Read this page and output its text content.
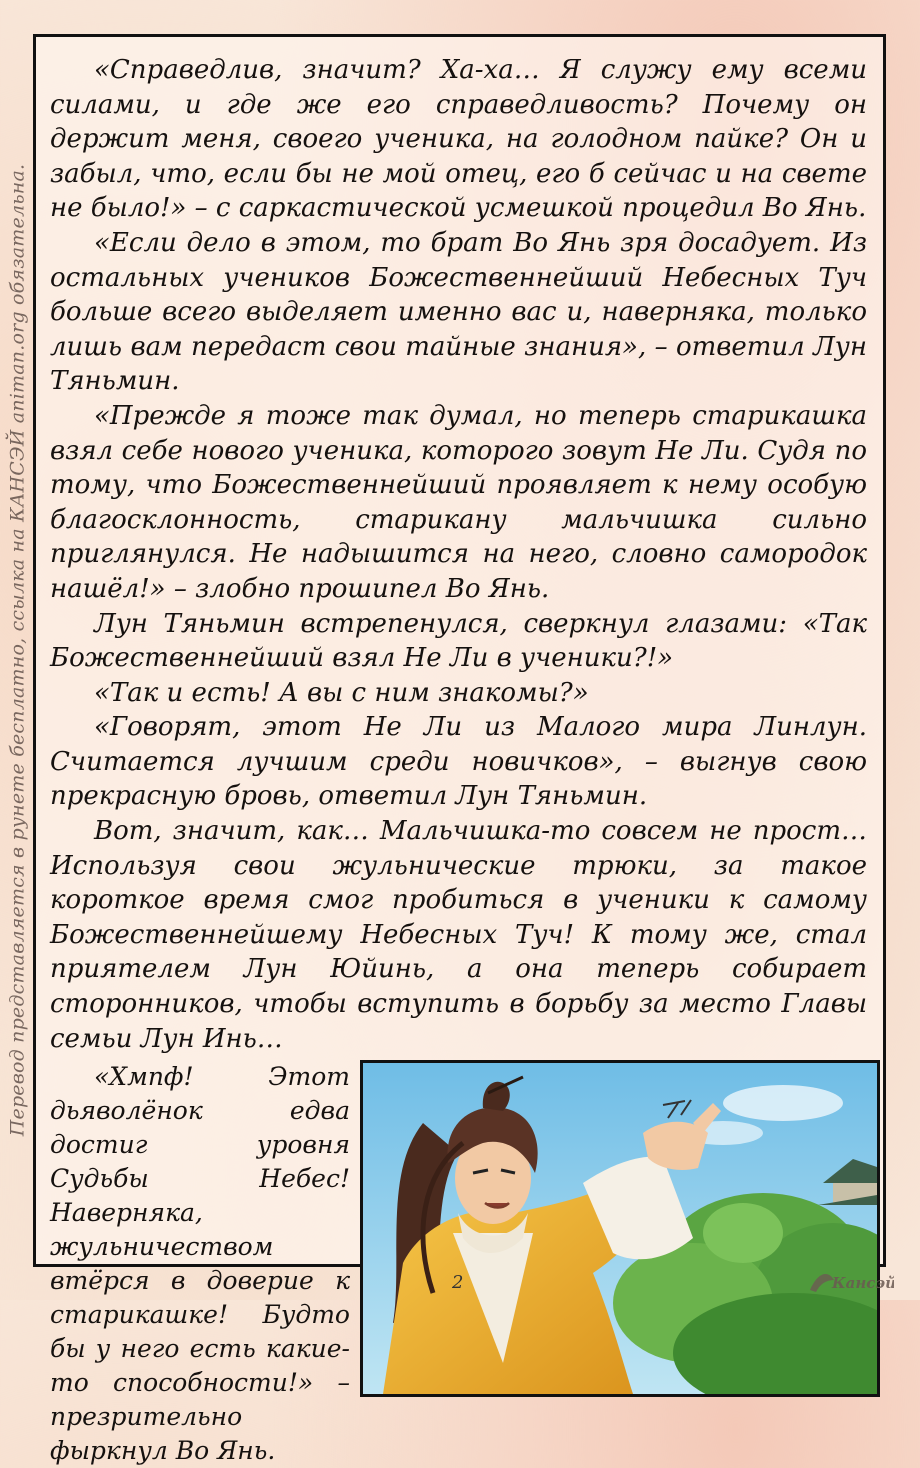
Перевод представляется в рунете бесплатно, ссылка на КАНСЭЙ animan.org обязательна.

«Справедлив, значит? Ха-ха… Я служу ему всеми силами, и где же его справедливость? Почему он держит меня, своего ученика, на голодном пайке? Он и забыл, что, если бы не мой отец, его б сейчас и на свете не было!» – с саркастической усмешкой процедил Во Янь.

«Если дело в этом, то брат Во Янь зря досадует. Из остальных учеников Божественнейший Небесных Туч больше всего выделяет именно вас и, наверняка, только лишь вам передаст свои тайные знания», – ответил Лун Тяньмин.

«Прежде я тоже так думал, но теперь старикашка взял себе нового ученика, которого зовут Не Ли. Судя по тому, что Божественнейший проявляет к нему особую благосклонность, старикану мальчишка сильно приглянулся. Не надышится на него, словно самородок нашёл!» – злобно прошипел Во Янь.

Лун Тяньмин встрепенулся, сверкнул глазами: «Так Божественнейший взял Не Ли в ученики?!»

«Так и есть! А вы с ним знакомы?»

«Говорят, этот Не Ли из Малого мира Линлун. Считается лучшим среди новичков», – выгнув свою прекрасную бровь, ответил Лун Тяньмин.

Вот, значит, как… Мальчишка-то совсем не прост… Используя свои жульнические трюки, за такое короткое время смог пробиться в ученики к самому Божественнейшему Небесных Туч! К тому же, стал приятелем Лун Юйинь, а она теперь собирает сторонников, чтобы вступить в борьбу за место Главы семьи Лун Инь…

«Хмпф! Этот дьяволёнок едва достиг уровня Судьбы Небес! Наверняка, жульничеством втёрся в доверие к старикашке! Будто бы у него есть какие-то способности!» – презрительно фыркнул Во Янь.

2	Кансэй
